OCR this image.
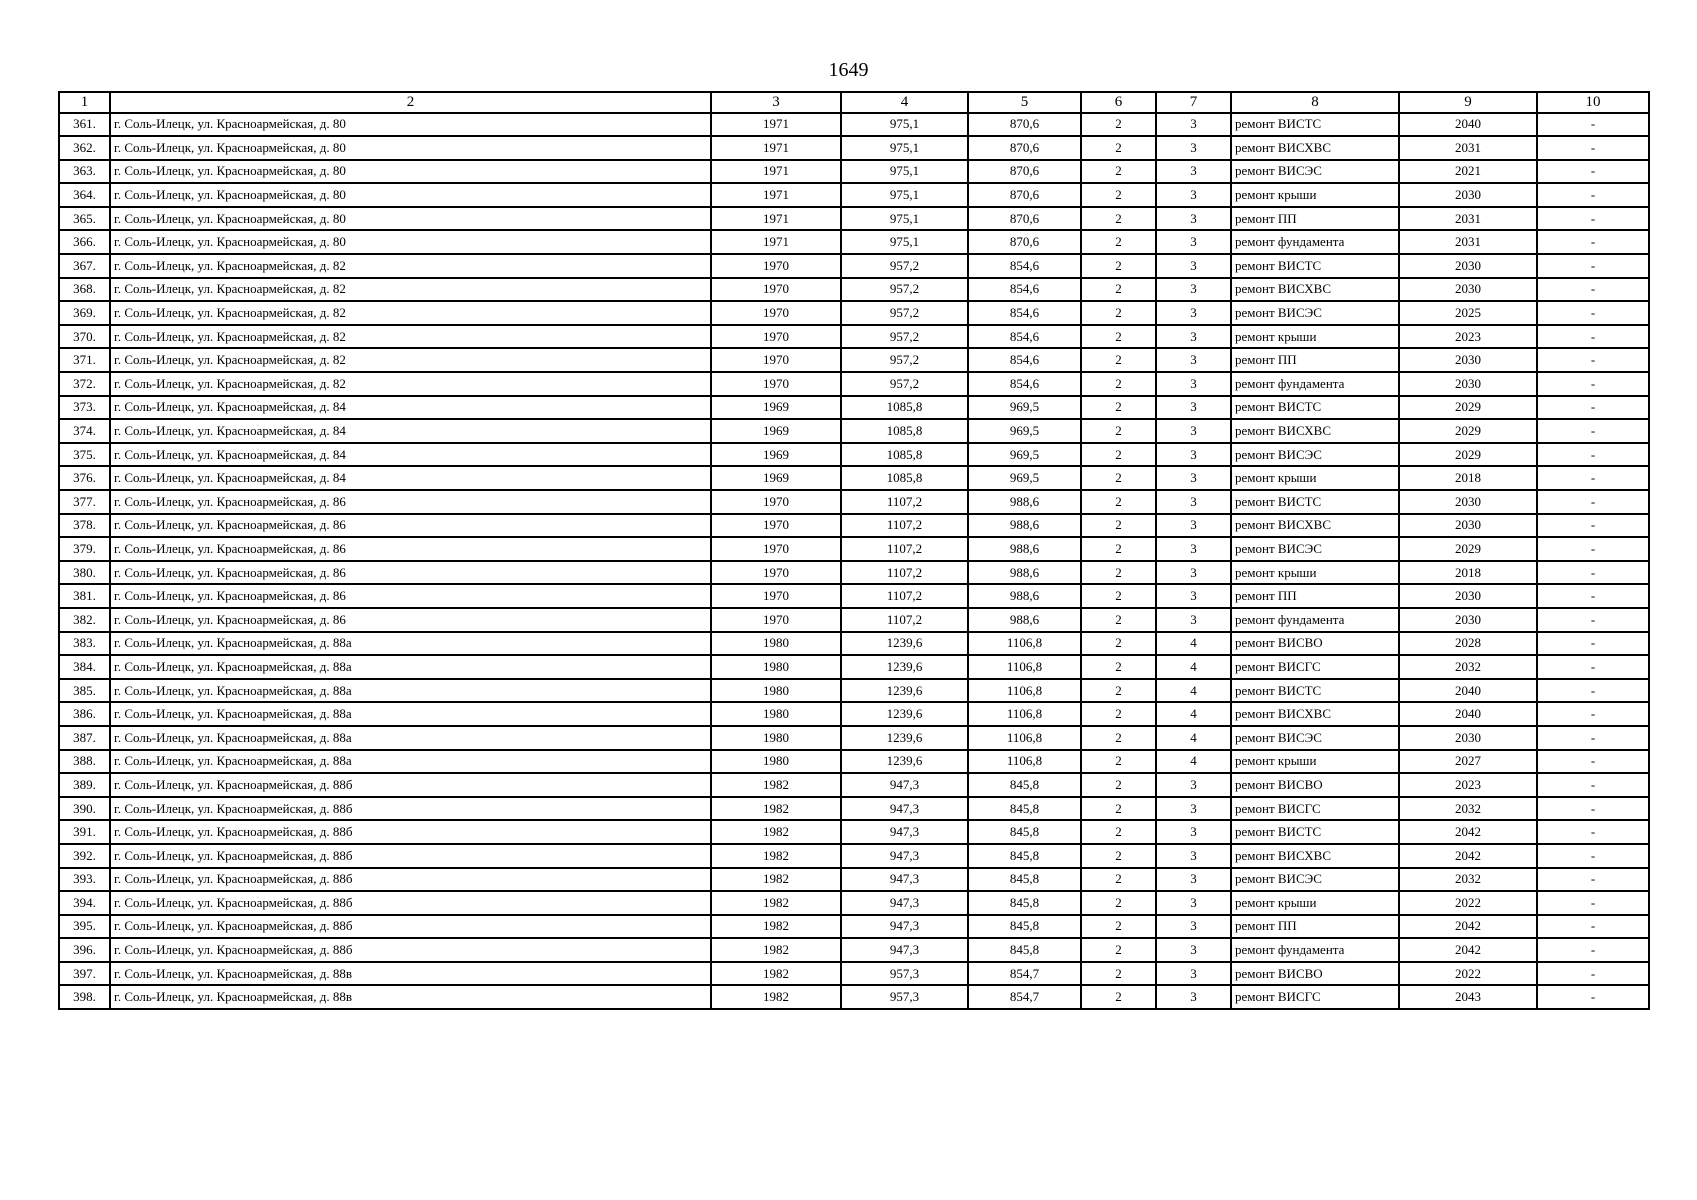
1649
1	2	3	4	5	6	7	8	9	10
361.	г. Соль-Илецк, ул. Красноармейская, д. 80	1971	975,1	870,6	2	3	ремонт ВИСТС	2040	-
362.	г. Соль-Илецк, ул. Красноармейская, д. 80	1971	975,1	870,6	2	3	ремонт ВИСХВС	2031	-
363.	г. Соль-Илецк, ул. Красноармейская, д. 80	1971	975,1	870,6	2	3	ремонт ВИСЭС	2021	-
364.	г. Соль-Илецк, ул. Красноармейская, д. 80	1971	975,1	870,6	2	3	ремонт крыши	2030	-
365.	г. Соль-Илецк, ул. Красноармейская, д. 80	1971	975,1	870,6	2	3	ремонт ПП	2031	-
366.	г. Соль-Илецк, ул. Красноармейская, д. 80	1971	975,1	870,6	2	3	ремонт фундамента	2031	-
367.	г. Соль-Илецк, ул. Красноармейская, д. 82	1970	957,2	854,6	2	3	ремонт ВИСТС	2030	-
368.	г. Соль-Илецк, ул. Красноармейская, д. 82	1970	957,2	854,6	2	3	ремонт ВИСХВС	2030	-
369.	г. Соль-Илецк, ул. Красноармейская, д. 82	1970	957,2	854,6	2	3	ремонт ВИСЭС	2025	-
370.	г. Соль-Илецк, ул. Красноармейская, д. 82	1970	957,2	854,6	2	3	ремонт крыши	2023	-
371.	г. Соль-Илецк, ул. Красноармейская, д. 82	1970	957,2	854,6	2	3	ремонт ПП	2030	-
372.	г. Соль-Илецк, ул. Красноармейская, д. 82	1970	957,2	854,6	2	3	ремонт фундамента	2030	-
373.	г. Соль-Илецк, ул. Красноармейская, д. 84	1969	1085,8	969,5	2	3	ремонт ВИСТС	2029	-
374.	г. Соль-Илецк, ул. Красноармейская, д. 84	1969	1085,8	969,5	2	3	ремонт ВИСХВС	2029	-
375.	г. Соль-Илецк, ул. Красноармейская, д. 84	1969	1085,8	969,5	2	3	ремонт ВИСЭС	2029	-
376.	г. Соль-Илецк, ул. Красноармейская, д. 84	1969	1085,8	969,5	2	3	ремонт крыши	2018	-
377.	г. Соль-Илецк, ул. Красноармейская, д. 86	1970	1107,2	988,6	2	3	ремонт ВИСТС	2030	-
378.	г. Соль-Илецк, ул. Красноармейская, д. 86	1970	1107,2	988,6	2	3	ремонт ВИСХВС	2030	-
379.	г. Соль-Илецк, ул. Красноармейская, д. 86	1970	1107,2	988,6	2	3	ремонт ВИСЭС	2029	-
380.	г. Соль-Илецк, ул. Красноармейская, д. 86	1970	1107,2	988,6	2	3	ремонт крыши	2018	-
381.	г. Соль-Илецк, ул. Красноармейская, д. 86	1970	1107,2	988,6	2	3	ремонт ПП	2030	-
382.	г. Соль-Илецк, ул. Красноармейская, д. 86	1970	1107,2	988,6	2	3	ремонт фундамента	2030	-
383.	г. Соль-Илецк, ул. Красноармейская, д. 88а	1980	1239,6	1106,8	2	4	ремонт ВИСВО	2028	-
384.	г. Соль-Илецк, ул. Красноармейская, д. 88а	1980	1239,6	1106,8	2	4	ремонт ВИСГС	2032	-
385.	г. Соль-Илецк, ул. Красноармейская, д. 88а	1980	1239,6	1106,8	2	4	ремонт ВИСТС	2040	-
386.	г. Соль-Илецк, ул. Красноармейская, д. 88а	1980	1239,6	1106,8	2	4	ремонт ВИСХВС	2040	-
387.	г. Соль-Илецк, ул. Красноармейская, д. 88а	1980	1239,6	1106,8	2	4	ремонт ВИСЭС	2030	-
388.	г. Соль-Илецк, ул. Красноармейская, д. 88а	1980	1239,6	1106,8	2	4	ремонт крыши	2027	-
389.	г. Соль-Илецк, ул. Красноармейская, д. 88б	1982	947,3	845,8	2	3	ремонт ВИСВО	2023	-
390.	г. Соль-Илецк, ул. Красноармейская, д. 88б	1982	947,3	845,8	2	3	ремонт ВИСГС	2032	-
391.	г. Соль-Илецк, ул. Красноармейская, д. 88б	1982	947,3	845,8	2	3	ремонт ВИСТС	2042	-
392.	г. Соль-Илецк, ул. Красноармейская, д. 88б	1982	947,3	845,8	2	3	ремонт ВИСХВС	2042	-
393.	г. Соль-Илецк, ул. Красноармейская, д. 88б	1982	947,3	845,8	2	3	ремонт ВИСЭС	2032	-
394.	г. Соль-Илецк, ул. Красноармейская, д. 88б	1982	947,3	845,8	2	3	ремонт крыши	2022	-
395.	г. Соль-Илецк, ул. Красноармейская, д. 88б	1982	947,3	845,8	2	3	ремонт ПП	2042	-
396.	г. Соль-Илецк, ул. Красноармейская, д. 88б	1982	947,3	845,8	2	3	ремонт фундамента	2042	-
397.	г. Соль-Илецк, ул. Красноармейская, д. 88в	1982	957,3	854,7	2	3	ремонт ВИСВО	2022	-
398.	г. Соль-Илецк, ул. Красноармейская, д. 88в	1982	957,3	854,7	2	3	ремонт ВИСГС	2043	-
